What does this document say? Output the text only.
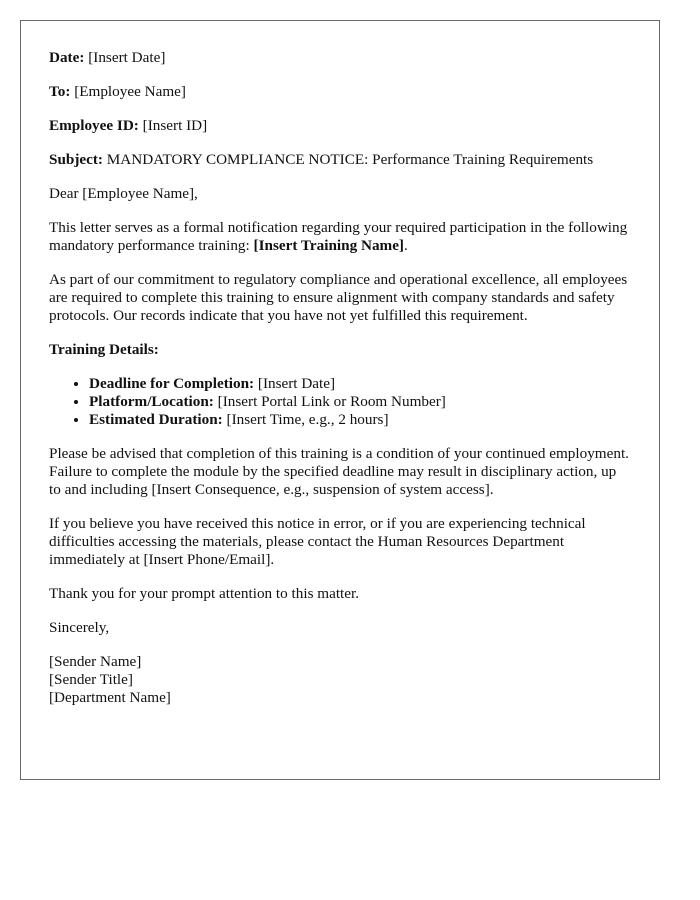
Date: [Insert Date]
To: [Employee Name]
Employee ID: [Insert ID]
Subject: MANDATORY COMPLIANCE NOTICE: Performance Training Requirements

Dear [Employee Name],

This letter serves as a formal notification regarding your required participation in the following mandatory performance training: [Insert Training Name].

As part of our commitment to regulatory compliance and operational excellence, all employees are required to complete this training to ensure alignment with company standards and safety protocols. Our records indicate that you have not yet fulfilled this requirement.

Training Details:

• Deadline for Completion: [Insert Date]
• Platform/Location: [Insert Portal Link or Room Number]
• Estimated Duration: [Insert Time, e.g., 2 hours]

Please be advised that completion of this training is a condition of your continued employment. Failure to complete the module by the specified deadline may result in disciplinary action, up to and including [Insert Consequence, e.g., suspension of system access].

If you believe you have received this notice in error, or if you are experiencing technical difficulties accessing the materials, please contact the Human Resources Department immediately at [Insert Phone/Email].

Thank you for your prompt attention to this matter.

Sincerely,

[Sender Name]

[Sender Title]

[Department Name]
